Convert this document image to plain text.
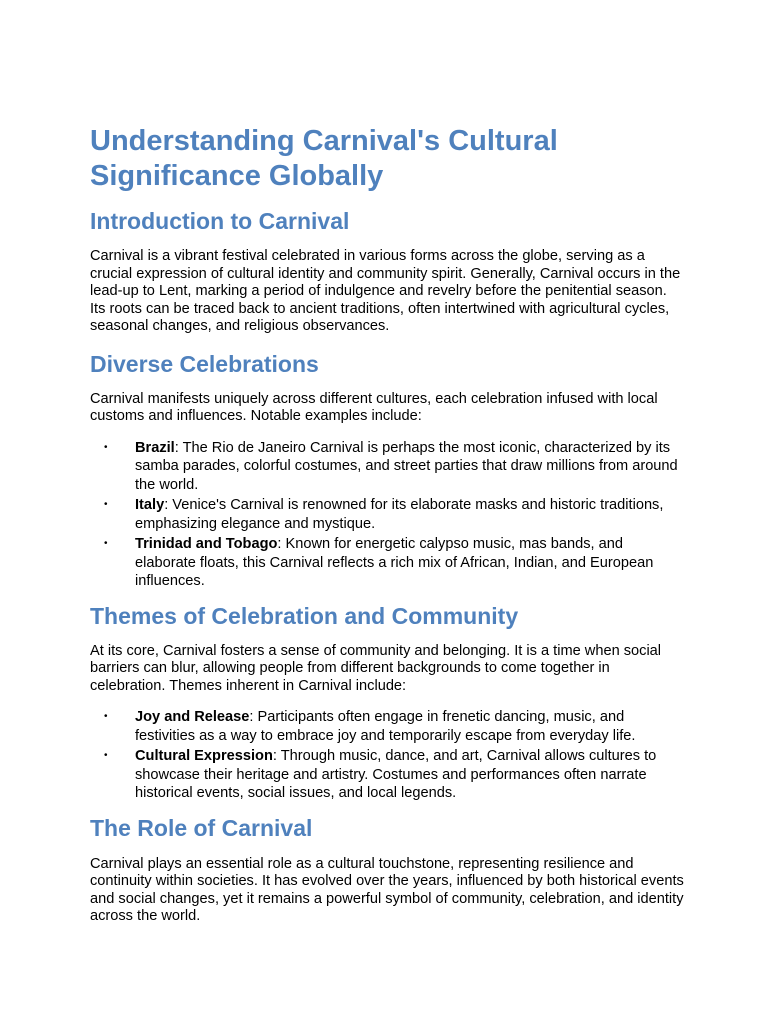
Understanding Carnival's Cultural Significance Globally
Introduction to Carnival

Carnival is a vibrant festival celebrated in various forms across the globe, serving as a crucial expression of cultural identity and community spirit. Generally, Carnival occurs in the lead-up to Lent, marking a period of indulgence and revelry before the penitential season. Its roots can be traced back to ancient traditions, often intertwined with agricultural cycles, seasonal changes, and religious observances.

Diverse Celebrations

Carnival manifests uniquely across different cultures, each celebration infused with local customs and influences. Notable examples include:

• Brazil: The Rio de Janeiro Carnival is perhaps the most iconic, characterized by its samba parades, colorful costumes, and street parties that draw millions from around the world.
• Italy: Venice's Carnival is renowned for its elaborate masks and historic traditions, emphasizing elegance and mystique.
• Trinidad and Tobago: Known for energetic calypso music, mas bands, and elaborate floats, this Carnival reflects a rich mix of African, Indian, and European influences.
Themes of Celebration and Community

At its core, Carnival fosters a sense of community and belonging. It is a time when social barriers can blur, allowing people from different backgrounds to come together in celebration. Themes inherent in Carnival include:

• Joy and Release: Participants often engage in frenetic dancing, music, and festivities as a way to embrace joy and temporarily escape from everyday life.
• Cultural Expression: Through music, dance, and art, Carnival allows cultures to showcase their heritage and artistry. Costumes and performances often narrate historical events, social issues, and local legends.
The Role of Carnival

Carnival plays an essential role as a cultural touchstone, representing resilience and continuity within societies. It has evolved over the years, influenced by both historical events and social changes, yet it remains a powerful symbol of community, celebration, and identity across the world.
